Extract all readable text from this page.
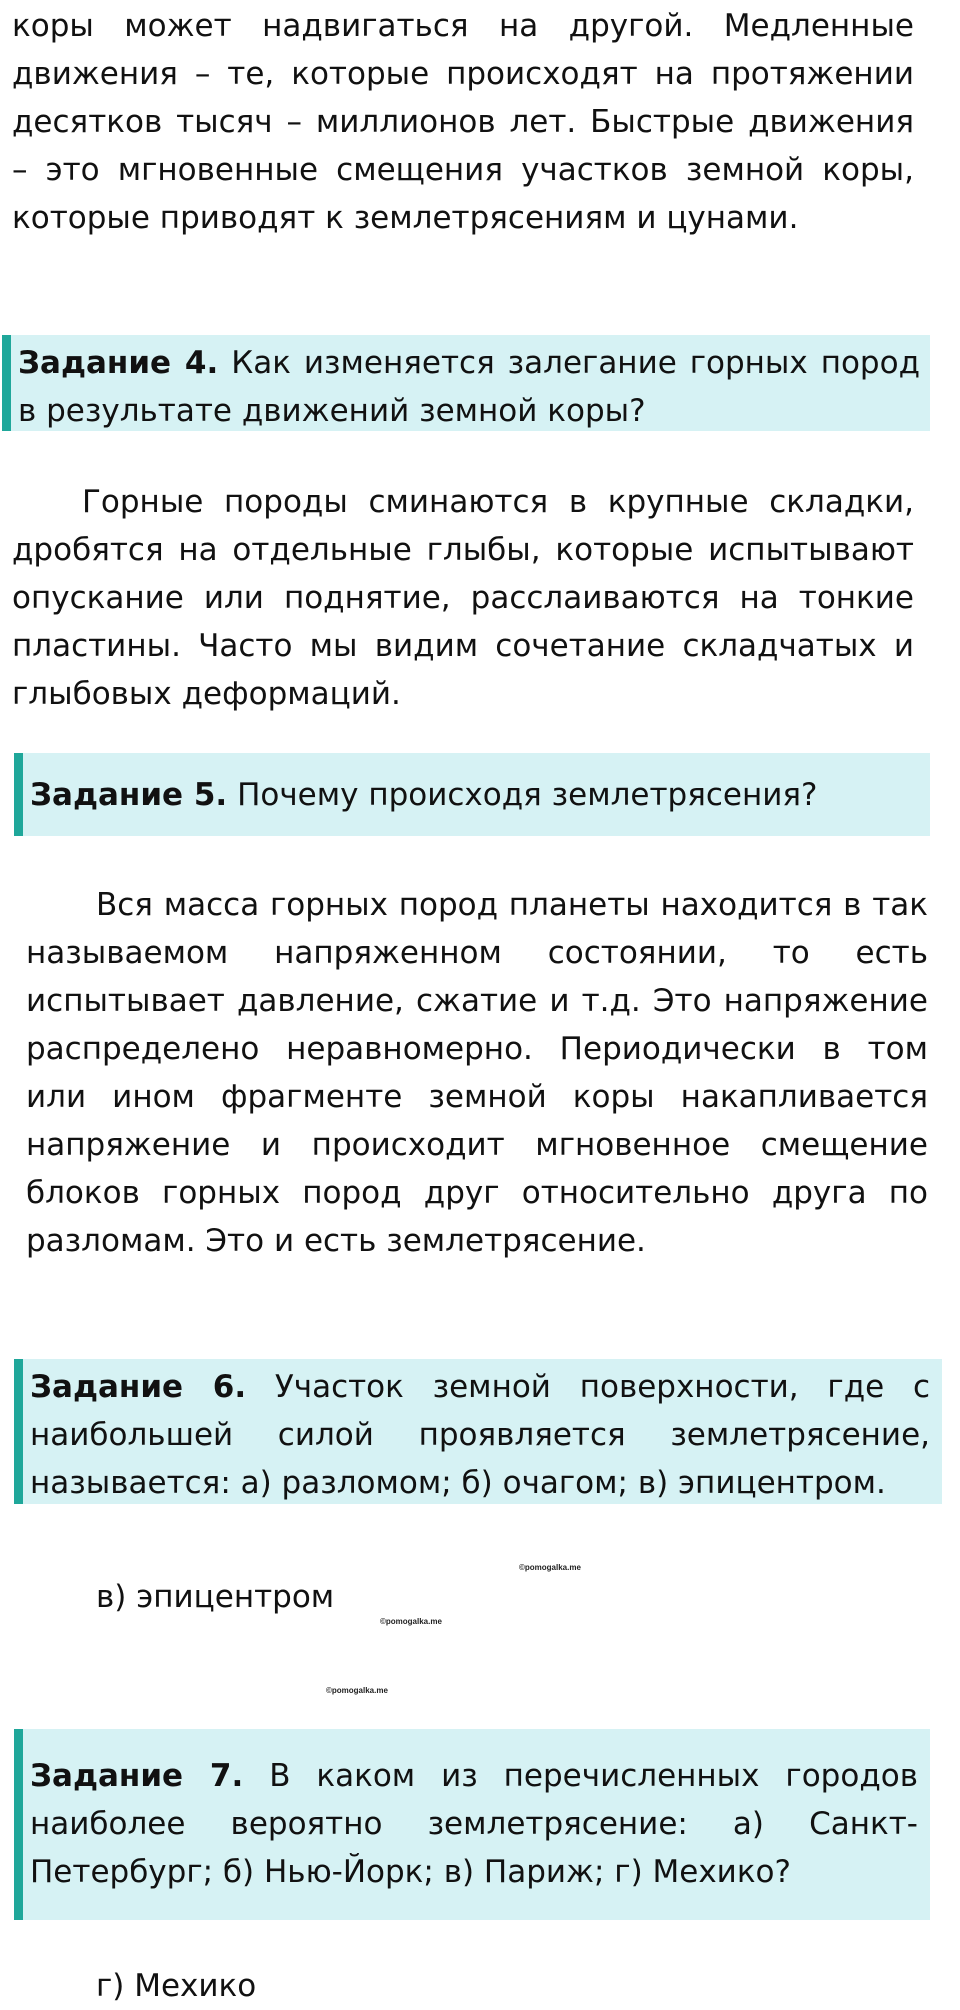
коры может надвигаться на другой. Медленные движения – те, которые происходят на протяжении десятков тысяч – миллионов лет. Быстрые движения – это мгновенные смещения участков земной коры, которые приводят к землетрясениям и цунами.

Задание 4. Как изменяется залегание горных пород в результате движений земной коры?

Горные породы сминаются в крупные складки, дробятся на отдельные глыбы, которые испытывают опускание или поднятие, расслаиваются на тонкие пластины. Часто мы видим сочетание складчатых и глыбовых деформаций.

Задание 5. Почему происходя землетрясения?

Вся масса горных пород планеты находится в так называемом напряженном состоянии, то есть испытывает давление, сжатие и т.д. Это напряжение распределено неравномерно. Периодически в том или ином фрагменте земной коры накапливается напряжение и происходит мгновенное смещение блоков горных пород друг относительно друга по разломам. Это и есть землетрясение.

Задание 6. Участок земной поверхности, где с наибольшей силой проявляется землетрясение, называется: а) разломом; б) очагом; в) эпицентром.

в) эпицентром

©pomogalka.me
©pomogalka.me
©pomogalka.me
Задание 7. В каком из перечисленных городов наиболее вероятно землетрясение: а) Санкт-Петербург; б) Нью-Йорк; в) Париж; г) Мехико?

г) Мехико
